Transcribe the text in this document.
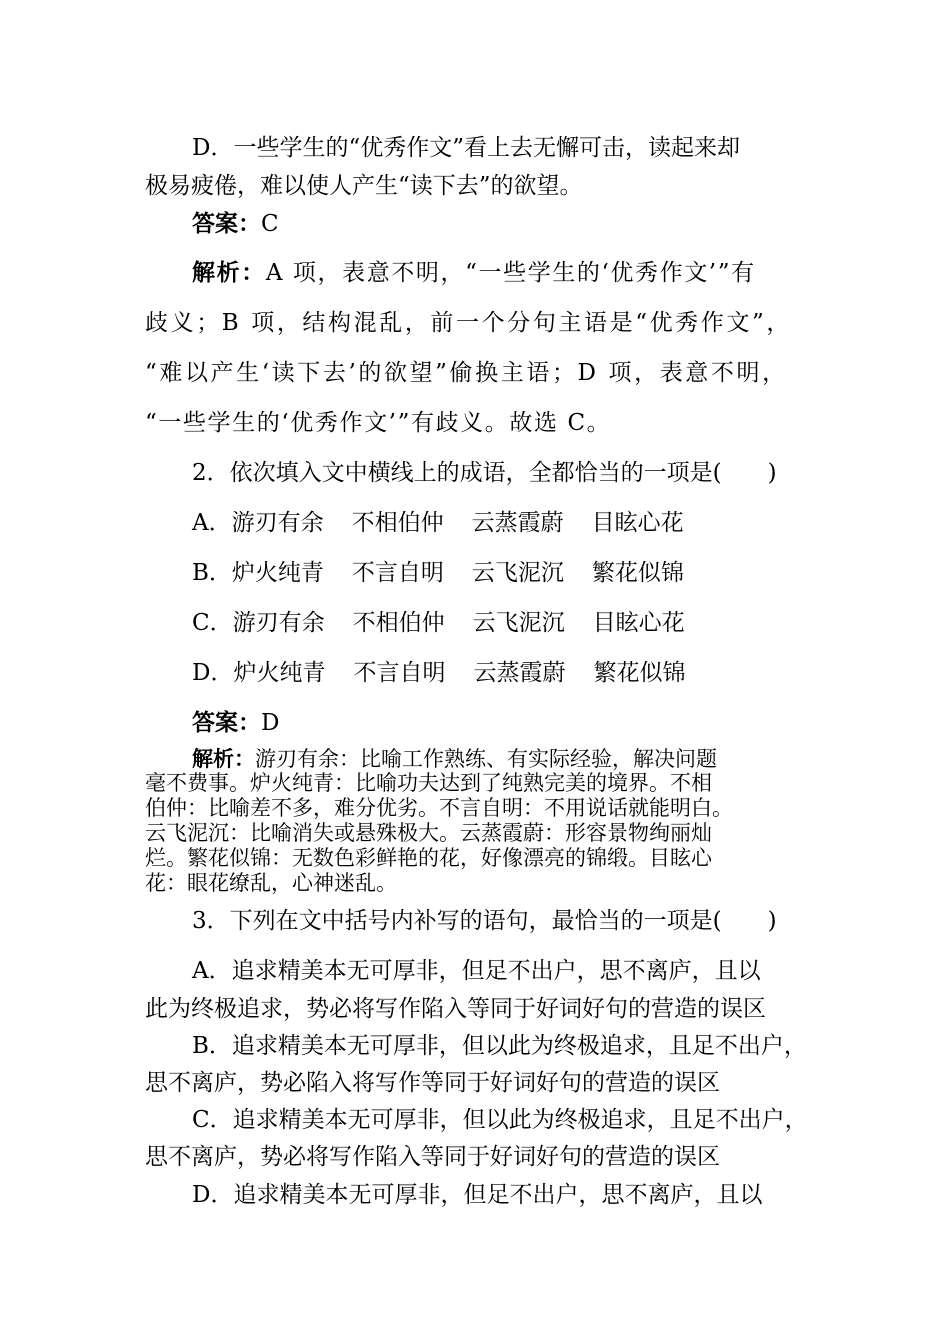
D．一些学生的“优秀作文”看上去无懈可击，读起来却
极易疲倦，难以使人产生“读下去”的欲望。
答案：C
解析：A 项，表意不明，“一些学生的‘优秀作文’”有
歧义；B 项，结构混乱，前一个分句主语是“优秀作文”，
“难以产生‘读下去’的欲望”偷换主语；D 项，表意不明，
“一些学生的‘优秀作文’”有歧义。故选 C。
2．依次填入文中横线上的成语，全都恰当的一项是(　　)
A．游刃有余 不相伯仲 云蒸霞蔚 目眩心花
B．炉火纯青 不言自明 云飞泥沉 繁花似锦
C．游刃有余 不相伯仲 云飞泥沉 目眩心花
D．炉火纯青 不言自明 云蒸霞蔚 繁花似锦
答案：D
解析：游刃有余：比喻工作熟练、有实际经验，解决问题
毫不费事。炉火纯青：比喻功夫达到了纯熟完美的境界。不相
伯仲：比喻差不多，难分优劣。不言自明：不用说话就能明白。
云飞泥沉：比喻消失或悬殊极大。云蒸霞蔚：形容景物绚丽灿
烂。繁花似锦：无数色彩鲜艳的花，好像漂亮的锦缎。目眩心
花：眼花缭乱，心神迷乱。
3．下列在文中括号内补写的语句，最恰当的一项是(　　)
A．追求精美本无可厚非，但足不出户，思不离庐，且以
此为终极追求，势必将写作陷入等同于好词好句的营造的误区
B．追求精美本无可厚非，但以此为终极追求，且足不出户，
思不离庐，势必陷入将写作等同于好词好句的营造的误区
C．追求精美本无可厚非，但以此为终极追求，且足不出户，
思不离庐，势必将写作陷入等同于好词好句的营造的误区
D．追求精美本无可厚非，但足不出户，思不离庐，且以
